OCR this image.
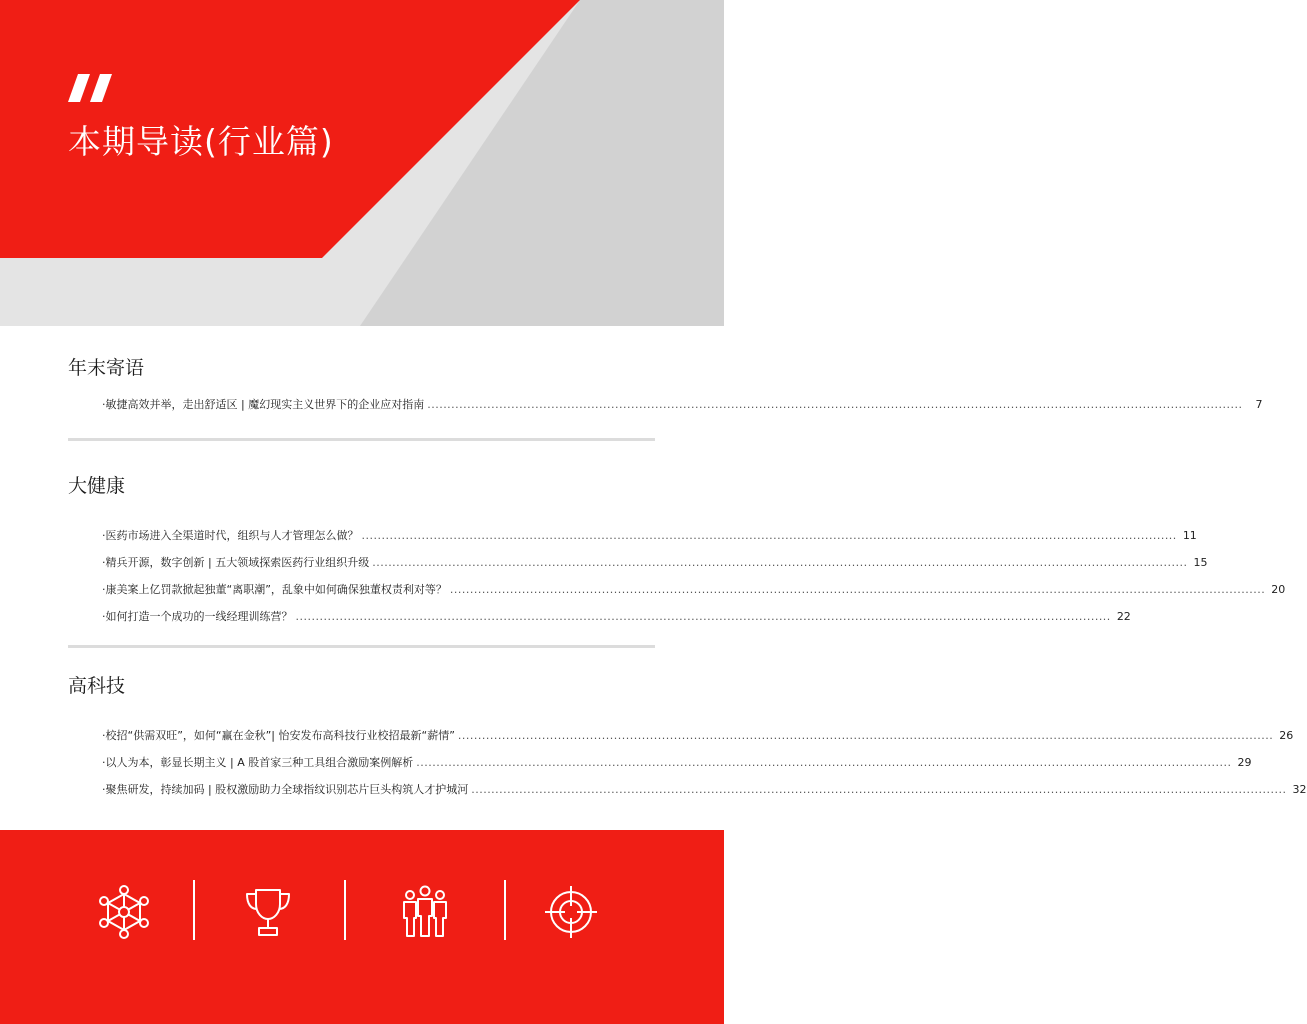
本期导读(行业篇)
年末寄语
·敏捷高效并举，走出舒适区 | 魔幻现实主义世界下的企业应对指南 .....	7
大健康
·医药市场进入全渠道时代，组织与人才管理怎么做？ .....	11
·精兵开源，数字创新 | 五大领域探索医药行业组织升级 .....	15
·康美案上亿罚款掀起独董“离职潮”，乱象中如何确保独董权责利对等？ .....	20
·如何打造一个成功的一线经理训练营？ .....	22
高科技
·校招“供需双旺”，如何“赢在金秋”| 怡安发布高科技行业校招最新“薪情” .....	26
·以人为本，彰显长期主义 | A 股首家三种工具组合激励案例解析 .....	29
·聚焦研发，持续加码 | 股权激励助力全球指纹识别芯片巨头构筑人才护城河 .....	32
